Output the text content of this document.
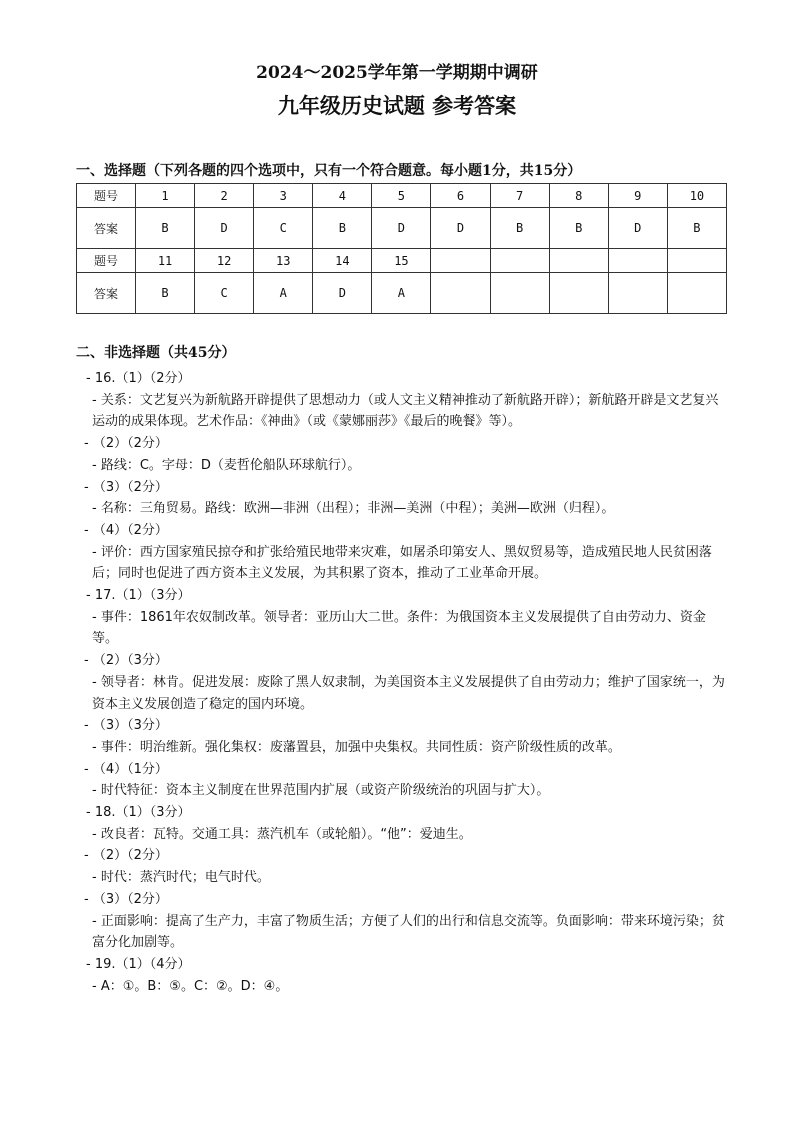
2024～2025学年第一学期期中调研
九年级历史试题 参考答案
一、选择题（下列各题的四个选项中，只有一个符合题意。每小题1分，共15分）
题号	1	2	3	4	5	6	7	8	9	10
答案	B	D	C	B	D	D	B	B	D	B
题号	11	12	13	14	15					
答案	B	C	A	D	A					
二、非选择题（共45分）

- 16.（1）（2分）

- 关系：文艺复兴为新航路开辟提供了思想动力（或人文主义精神推动了新航路开辟）；新航路开辟是文艺复兴运动的成果体现。艺术作品：《神曲》（或《蒙娜丽莎》《最后的晚餐》等）。

- （2）（2分）

- 路线：C。字母：D（麦哲伦船队环球航行）。

- （3）（2分）

- 名称：三角贸易。路线：欧洲—非洲（出程）；非洲—美洲（中程）；美洲—欧洲（归程）。

- （4）（2分）

- 评价：西方国家殖民掠夺和扩张给殖民地带来灾难，如屠杀印第安人、黑奴贸易等，造成殖民地人民贫困落后；同时也促进了西方资本主义发展，为其积累了资本，推动了工业革命开展。

- 17.（1）（3分）

- 事件：1861年农奴制改革。领导者：亚历山大二世。条件：为俄国资本主义发展提供了自由劳动力、资金等。

- （2）（3分）

- 领导者：林肯。促进发展：废除了黑人奴隶制，为美国资本主义发展提供了自由劳动力；维护了国家统一，为资本主义发展创造了稳定的国内环境。

- （3）（3分）

- 事件：明治维新。强化集权：废藩置县，加强中央集权。共同性质：资产阶级性质的改革。

- （4）（1分）

- 时代特征：资本主义制度在世界范围内扩展（或资产阶级统治的巩固与扩大）。

- 18.（1）（3分）

- 改良者：瓦特。交通工具：蒸汽机车（或轮船）。“他”：爱迪生。

- （2）（2分）

- 时代：蒸汽时代；电气时代。

- （3）（2分）

- 正面影响：提高了生产力，丰富了物质生活；方便了人们的出行和信息交流等。负面影响：带来环境污染；贫富分化加剧等。

- 19.（1）（4分）

- A：①。B：⑤。C：②。D：④。
